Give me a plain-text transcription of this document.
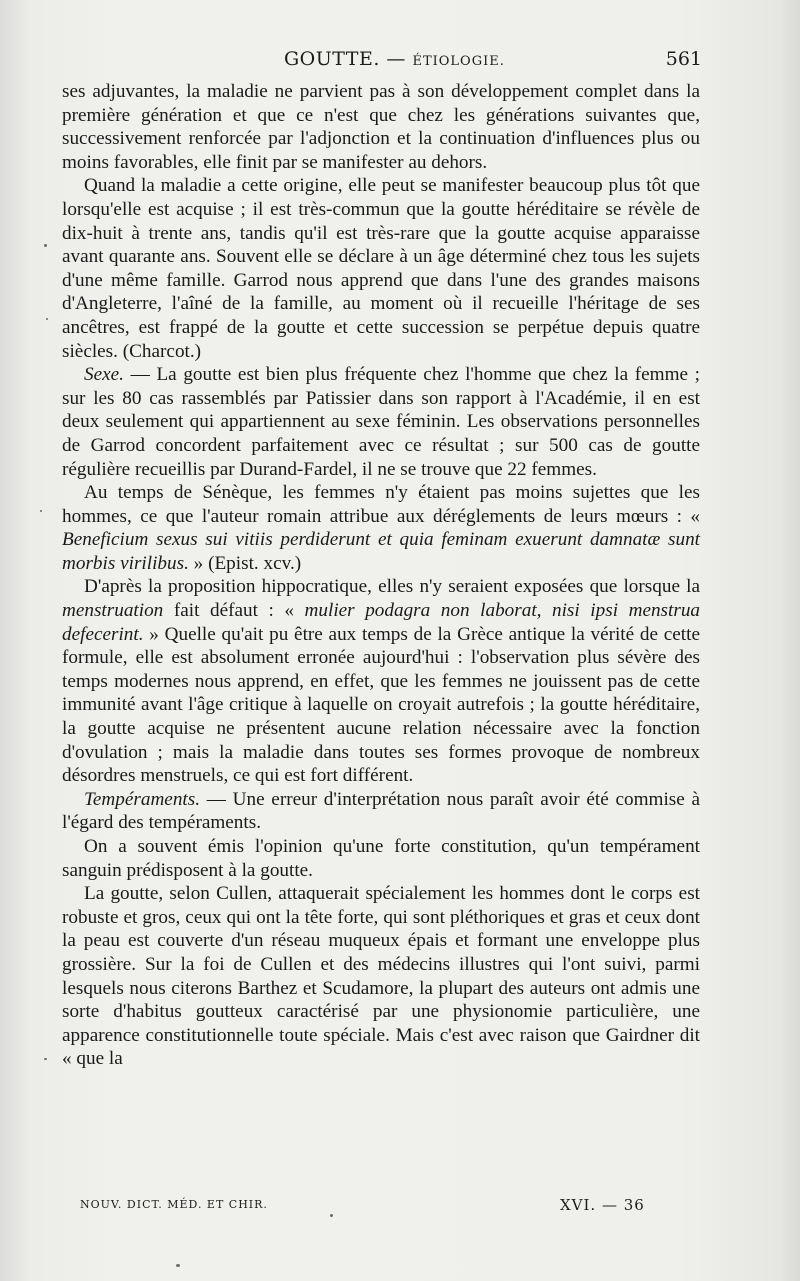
GOUTTE. — ÉTIOLOGIE.	561

ses adjuvantes, la maladie ne parvient pas à son développement complet dans la première génération et que ce n'est que chez les générations suivantes que, successivement renforcée par l'adjonction et la continuation d'influences plus ou moins favorables, elle finit par se manifester au dehors.

Quand la maladie a cette origine, elle peut se manifester beaucoup plus tôt que lorsqu'elle est acquise ; il est très-commun que la goutte héréditaire se révèle de dix-huit à trente ans, tandis qu'il est très-rare que la goutte acquise apparaisse avant quarante ans. Souvent elle se déclare à un âge déterminé chez tous les sujets d'une même famille. Garrod nous apprend que dans l'une des grandes maisons d'Angleterre, l'aîné de la famille, au moment où il recueille l'héritage de ses ancêtres, est frappé de la goutte et cette succession se perpétue depuis quatre siècles. (Charcot.)

Sexe. — La goutte est bien plus fréquente chez l'homme que chez la femme ; sur les 80 cas rassemblés par Patissier dans son rapport à l'Académie, il en est deux seulement qui appartiennent au sexe féminin. Les observations personnelles de Garrod concordent parfaitement avec ce résultat ; sur 500 cas de goutte régulière recueillis par Durand-Fardel, il ne se trouve que 22 femmes.

Au temps de Sénèque, les femmes n'y étaient pas moins sujettes que les hommes, ce que l'auteur romain attribue aux déréglements de leurs mœurs : « Beneficium sexus sui vitiis perdiderunt et quia feminam exuerunt damnatæ sunt morbis virilibus. » (Epist. xcv.)

D'après la proposition hippocratique, elles n'y seraient exposées que lorsque la menstruation fait défaut : « mulier podagra non laborat, nisi ipsi menstrua defecerint. » Quelle qu'ait pu être aux temps de la Grèce antique la vérité de cette formule, elle est absolument erronée aujourd'hui : l'observation plus sévère des temps modernes nous apprend, en effet, que les femmes ne jouissent pas de cette immunité avant l'âge critique à laquelle on croyait autrefois ; la goutte héréditaire, la goutte acquise ne présentent aucune relation nécessaire avec la fonction d'ovulation ; mais la maladie dans toutes ses formes provoque de nombreux désordres menstruels, ce qui est fort différent.

Tempéraments. — Une erreur d'interprétation nous paraît avoir été commise à l'égard des tempéraments.

On a souvent émis l'opinion qu'une forte constitution, qu'un tempérament sanguin prédisposent à la goutte.

La goutte, selon Cullen, attaquerait spécialement les hommes dont le corps est robuste et gros, ceux qui ont la tête forte, qui sont pléthoriques et gras et ceux dont la peau est couverte d'un réseau muqueux épais et formant une enveloppe plus grossière. Sur la foi de Cullen et des médecins illustres qui l'ont suivi, parmi lesquels nous citerons Barthez et Scudamore, la plupart des auteurs ont admis une sorte d'habitus goutteux caractérisé par une physionomie particulière, une apparence constitutionnelle toute spéciale. Mais c'est avec raison que Gairdner dit « que la

NOUV. DICT. MÉD. ET CHIR.	XVI. — 36
